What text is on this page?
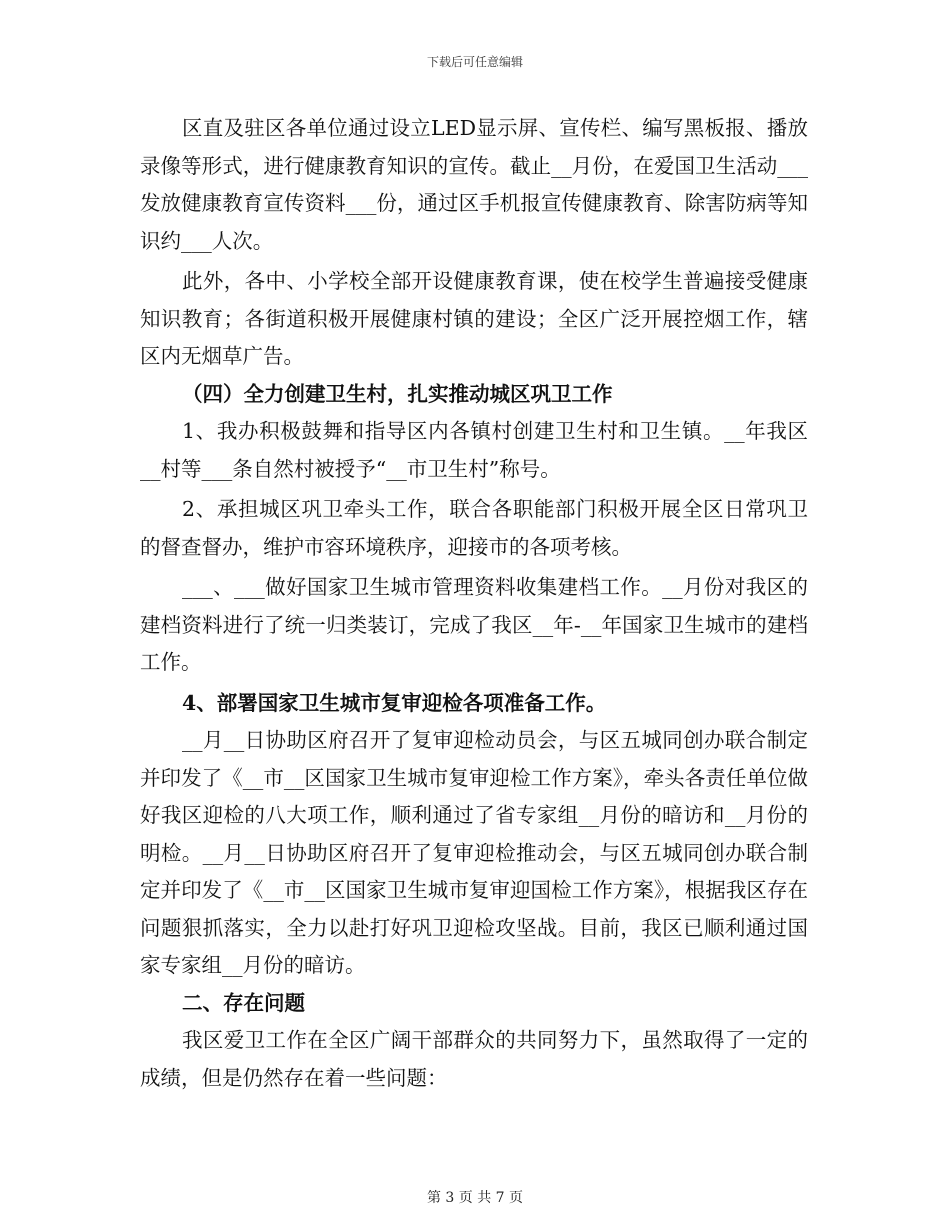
下载后可任意编辑

区直及驻区各单位通过设立LED显示屏、宣传栏、编写黑板报、播放录像等形式，进行健康教育知识的宣传。截止__月份，在爱国卫生活动___发放健康教育宣传资料___份，通过区手机报宣传健康教育、除害防病等知识约___人次。

此外，各中、小学校全部开设健康教育课，使在校学生普遍接受健康知识教育；各街道积极开展健康村镇的建设；全区广泛开展控烟工作，辖区内无烟草广告。

（四）全力创建卫生村，扎实推动城区巩卫工作

1、我办积极鼓舞和指导区内各镇村创建卫生村和卫生镇。__年我区__村等___条自然村被授予“__市卫生村”称号。

2、承担城区巩卫牵头工作，联合各职能部门积极开展全区日常巩卫的督查督办，维护市容环境秩序，迎接市的各项考核。

___、___做好国家卫生城市管理资料收集建档工作。__月份对我区的建档资料进行了统一归类装订，完成了我区__年-__年国家卫生城市的建档工作。

4、部署国家卫生城市复审迎检各项准备工作。

__月__日协助区府召开了复审迎检动员会，与区五城同创办联合制定并印发了《__市__区国家卫生城市复审迎检工作方案》，牵头各责任单位做好我区迎检的八大项工作，顺利通过了省专家组__月份的暗访和__月份的明检。__月__日协助区府召开了复审迎检推动会，与区五城同创办联合制定并印发了《__市__区国家卫生城市复审迎国检工作方案》，根据我区存在问题狠抓落实，全力以赴打好巩卫迎检攻坚战。目前，我区已顺利通过国家专家组__月份的暗访。

二、存在问题

我区爱卫工作在全区广阔干部群众的共同努力下，虽然取得了一定的成绩，但是仍然存在着一些问题：

第 3 页 共 7 页
